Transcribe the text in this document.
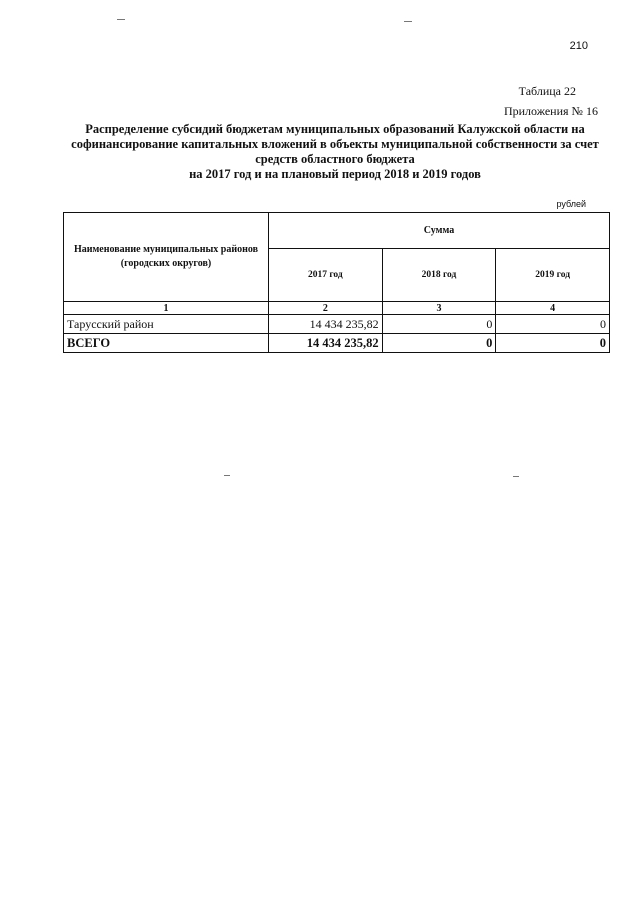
210
Таблица 22
Приложения № 16
Распределение субсидий бюджетам муниципальных образований Калужской области на
софинансирование капитальных вложений в объекты муниципальной собственности за счет
средств областного бюджета
на 2017 год и на плановый период 2018 и 2019 годов
рублей
Наименование муниципальных районов (городских округов)	Сумма		
	2017 год	2018 год	2019 год
1	2	3	4
Тарусский район	14 434 235,82	0	0
ВСЕГО	14 434 235,82	0	0
